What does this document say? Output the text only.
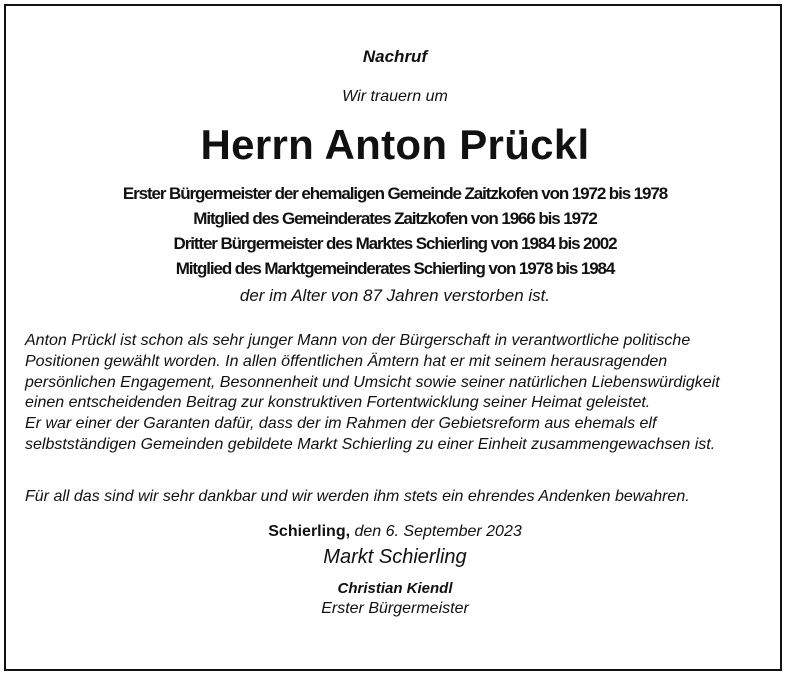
Nachruf
Wir trauern um
Herrn Anton Prückl
Erster Bürgermeister der ehemaligen Gemeinde Zaitzkofen von 1972 bis 1978
Mitglied des Gemeinderates Zaitzkofen von 1966 bis 1972
Dritter Bürgermeister des Marktes Schierling von 1984 bis 2002
Mitglied des Marktgemeinderates Schierling von 1978 bis 1984
der im Alter von 87 Jahren verstorben ist.
Anton Prückl ist schon als sehr junger Mann von der Bürgerschaft in verantwortliche politische
Positionen gewählt worden. In allen öffentlichen Ämtern hat er mit seinem herausragenden
persönlichen Engagement, Besonnenheit und Umsicht sowie seiner natürlichen Liebenswürdigkeit
einen entscheidenden Beitrag zur konstruktiven Fortentwicklung seiner Heimat geleistet.
Er war einer der Garanten dafür, dass der im Rahmen der Gebietsreform aus ehemals elf
selbstständigen Gemeinden gebildete Markt Schierling zu einer Einheit zusammengewachsen ist.
Für all das sind wir sehr dankbar und wir werden ihm stets ein ehrendes Andenken bewahren.
Schierling, den 6. September 2023
Markt Schierling
Christian Kiendl
Erster Bürgermeister
